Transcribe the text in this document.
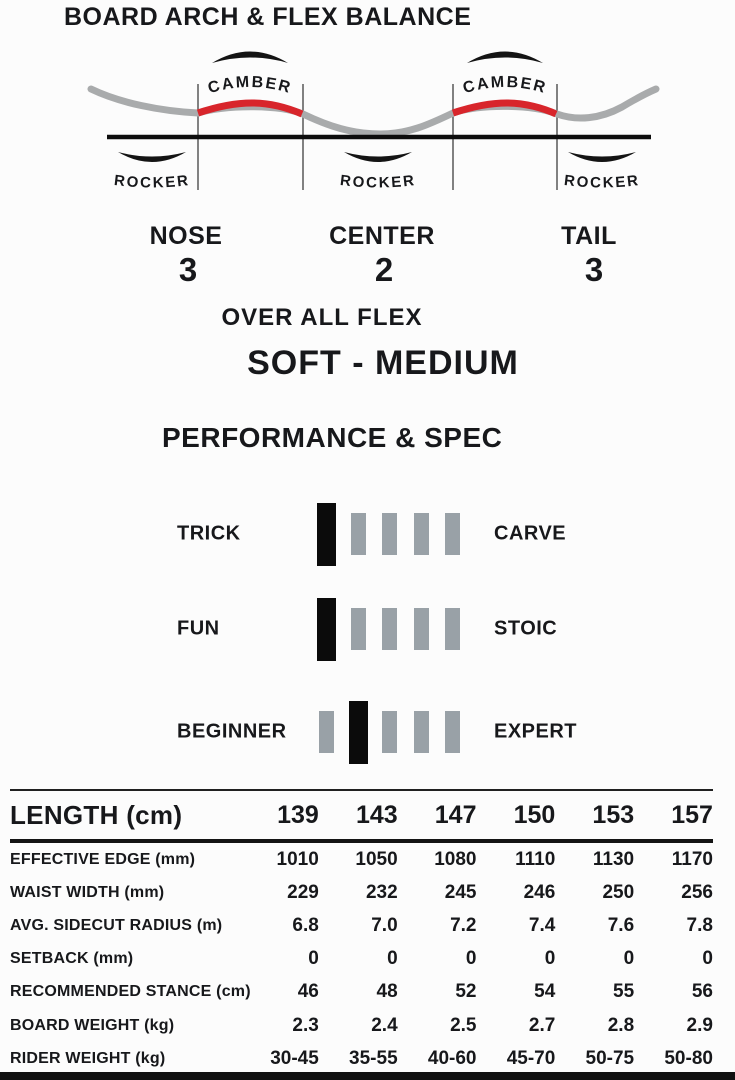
BOARD ARCH & FLEX BALANCE
CAMBER	CAMBER
ROCKER	ROCKER	ROCKER
NOSE
3
CENTER
2
TAIL
3
OVER ALL FLEX
SOFT - MEDIUM
PERFORMANCE & SPEC
TRICK	CARVE
FUN	STOIC
BEGINNER	EXPERT
LENGTH (cm)	139	143	147	150	153	157
EFFECTIVE EDGE (mm)	1010	1050	1080	1110	1130	1170
WAIST WIDTH (mm)	229	232	245	246	250	256
AVG. SIDECUT RADIUS (m)	6.8	7.0	7.2	7.4	7.6	7.8
SETBACK (mm)	0	0	0	0	0	0
RECOMMENDED STANCE (cm)	46	48	52	54	55	56
BOARD WEIGHT (kg)	2.3	2.4	2.5	2.7	2.8	2.9
RIDER WEIGHT (kg)	30-45	35-55	40-60	45-70	50-75	50-80
